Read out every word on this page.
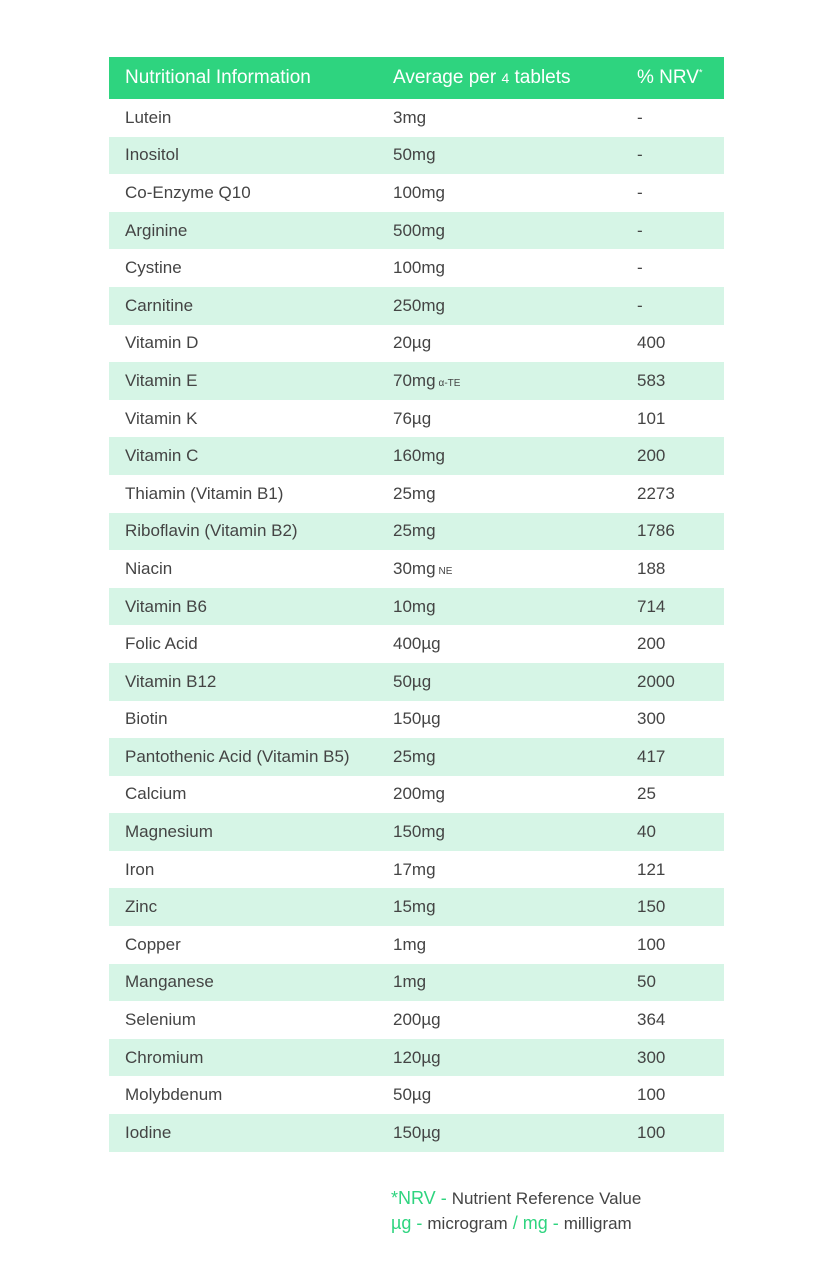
Nutritional Information	Average per 4 tablets	% NRV*
Lutein	3mg	-
Inositol	50mg	-
Co-Enzyme Q10	100mg	-
Arginine	500mg	-
Cystine	100mg	-
Carnitine	250mg	-
Vitamin D	20µg	400
Vitamin E	70mg α-TE	583
Vitamin K	76µg	101
Vitamin C	160mg	200
Thiamin (Vitamin B1)	25mg	2273
Riboflavin (Vitamin B2)	25mg	1786
Niacin	30mg NE	188
Vitamin B6	10mg	714
Folic Acid	400µg	200
Vitamin B12	50µg	2000
Biotin	150µg	300
Pantothenic Acid (Vitamin B5)	25mg	417
Calcium	200mg	25
Magnesium	150mg	40
Iron	17mg	121
Zinc	15mg	150
Copper	1mg	100
Manganese	1mg	50
Selenium	200µg	364
Chromium	120µg	300
Molybdenum	50µg	100
Iodine	150µg	100
*NRV - Nutrient Reference Value
µg - microgram / mg - milligram
